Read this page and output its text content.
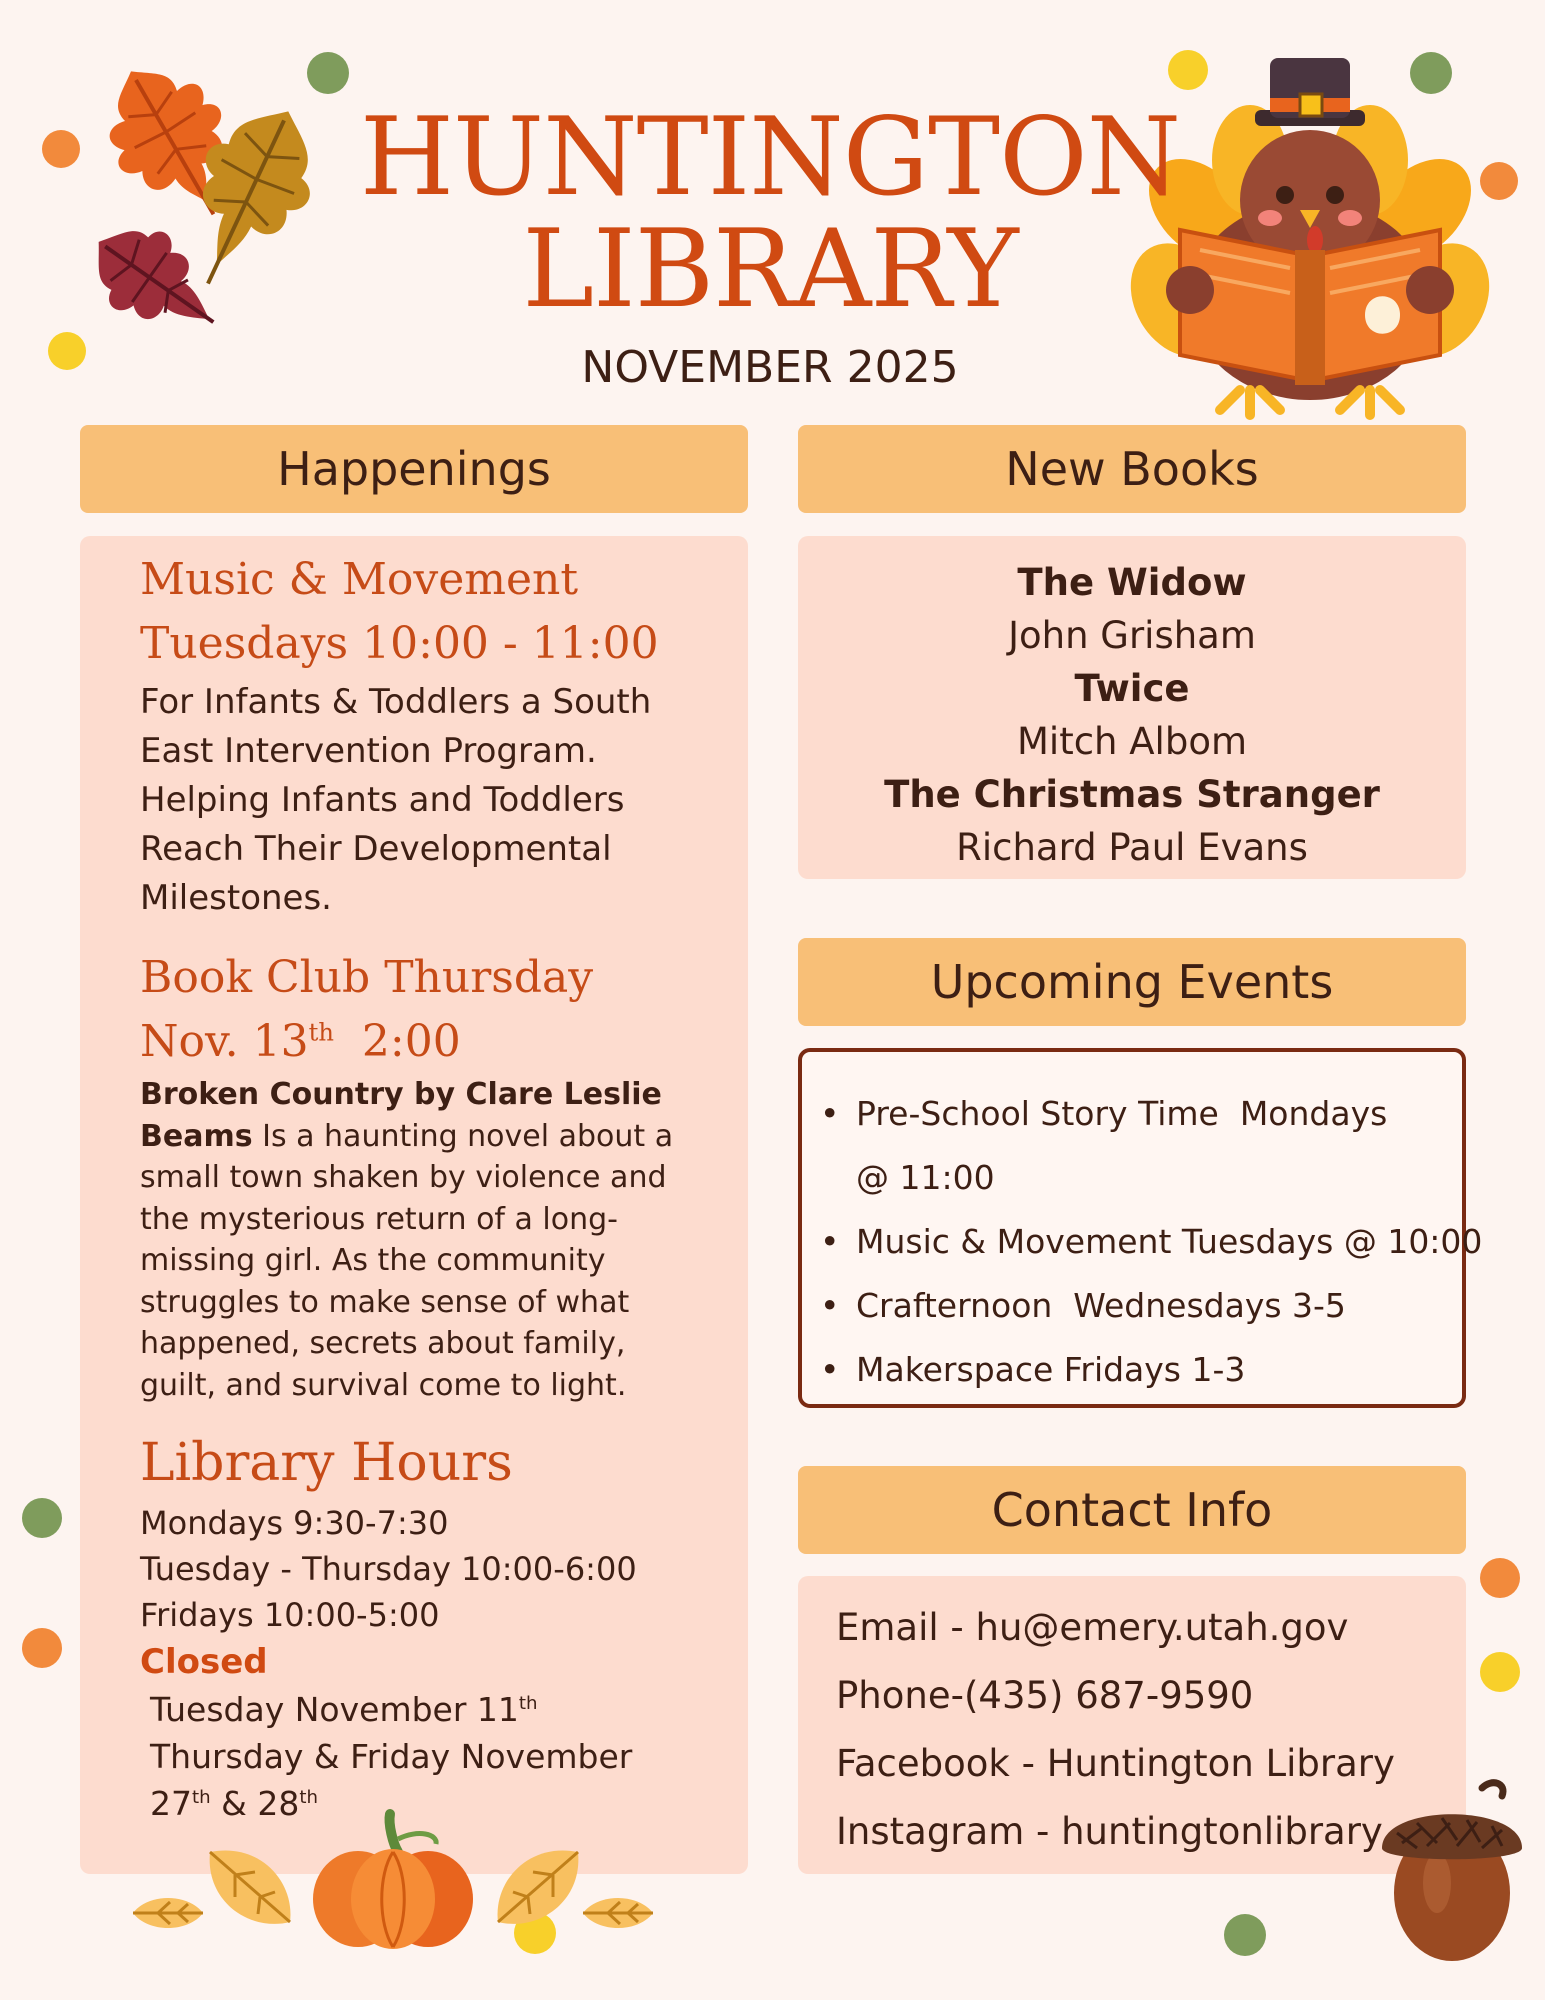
HUNTINGTON
LIBRARY
NOVEMBER 2025
Happenings
Music & Movement
Tuesdays 10:00 - 11:00
For Infants & Toddlers a South
East Intervention Program.
Helping Infants and Toddlers
Reach Their Developmental
Milestones.
Book Club Thursday
Nov. 13th  2:00
Broken Country by Clare Leslie
Beams Is a haunting novel about a
small town shaken by violence and
the mysterious return of a long-
missing girl. As the community
struggles to make sense of what
happened, secrets about family,
guilt, and survival come to light.
Library Hours
Mondays 9:30-7:30
Tuesday - Thursday 10:00-6:00
Fridays 10:00-5:00
Closed
Tuesday November 11th
Thursday & Friday November
27th & 28th
New Books
The Widow
John Grisham
Twice
Mitch Albom
The Christmas Stranger
Richard Paul Evans
Upcoming Events
• Pre-School Story Time  Mondays
@ 11:00
• Music & Movement Tuesdays @ 10:00
• Crafternoon  Wednesdays 3-5
• Makerspace Fridays 1-3
Contact Info
Email - hu@emery.utah.gov
Phone-(435) 687-9590
Facebook - Huntington Library
Instagram - huntingtonlibrary
